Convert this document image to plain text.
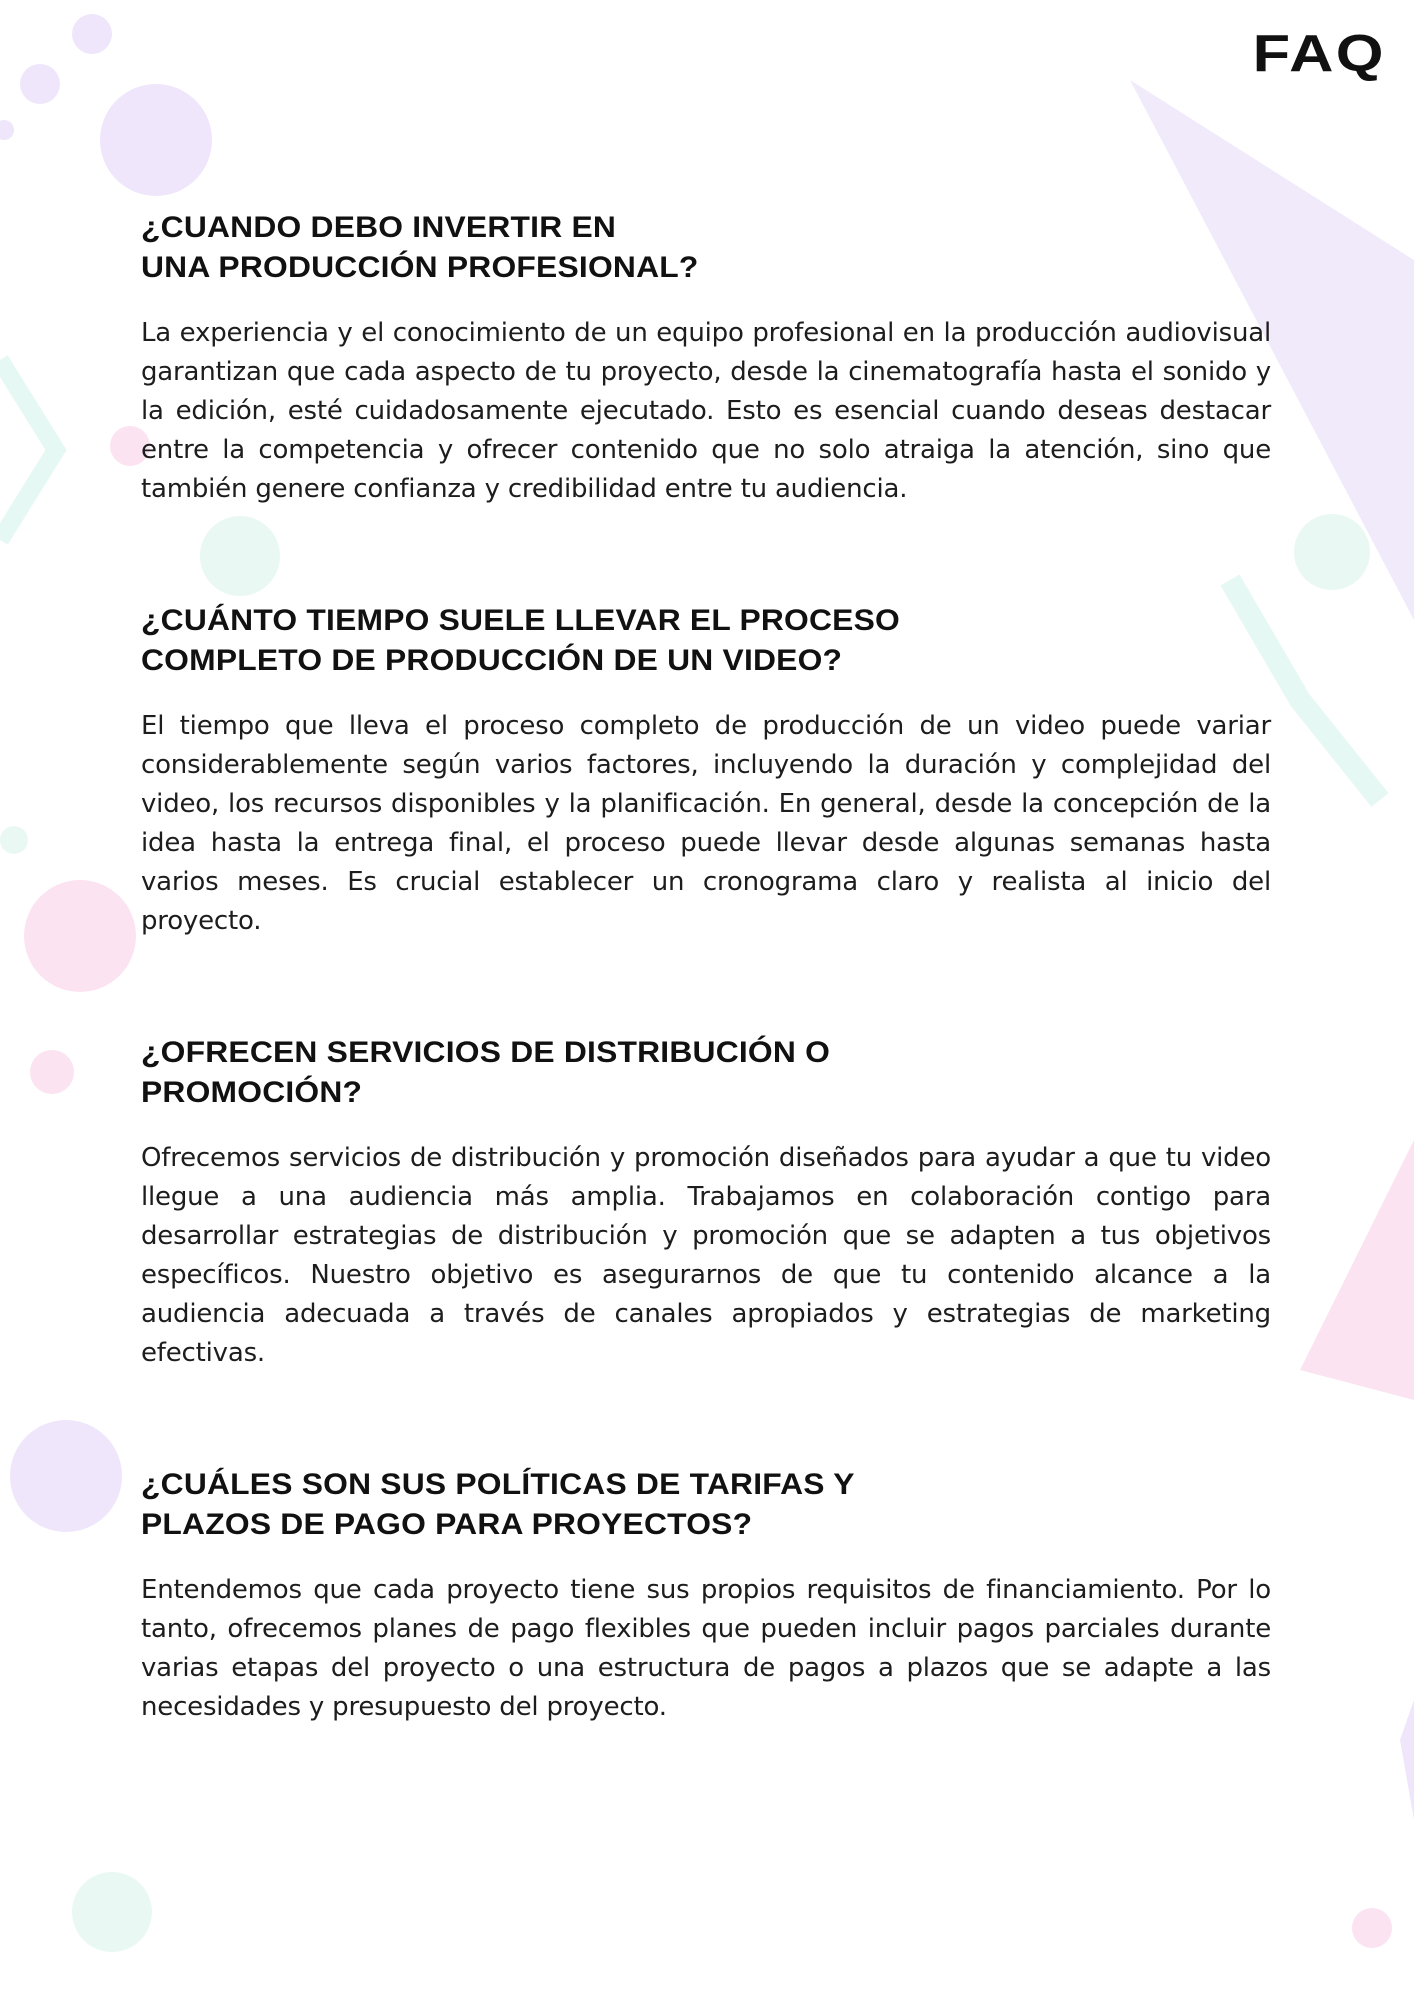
FAQ
¿CUANDO DEBO INVERTIR EN
UNA PRODUCCIÓN PROFESIONAL?

La experiencia y el conocimiento de un equipo profesional en la producción audiovisual garantizan que cada aspecto de tu proyecto, desde la cinematografía hasta el sonido y la edición, esté cuidadosamente ejecutado. Esto es esencial cuando deseas destacar entre la competencia y ofrecer contenido que no solo atraiga la atención, sino que también genere confianza y credibilidad entre tu audiencia.

¿CUÁNTO TIEMPO SUELE LLEVAR EL PROCESO
COMPLETO DE PRODUCCIÓN DE UN VIDEO?

El tiempo que lleva el proceso completo de producción de un video puede variar considerablemente según varios factores, incluyendo la duración y complejidad del video, los recursos disponibles y la planificación. En general, desde la concepción de la idea hasta la entrega final, el proceso puede llevar desde algunas semanas hasta varios meses. Es crucial establecer un cronograma claro y realista al inicio del proyecto.

¿OFRECEN SERVICIOS DE DISTRIBUCIÓN O
PROMOCIÓN?

Ofrecemos servicios de distribución y promoción diseñados para ayudar a que tu video llegue a una audiencia más amplia. Trabajamos en colaboración contigo para desarrollar estrategias de distribución y promoción que se adapten a tus objetivos específicos. Nuestro objetivo es asegurarnos de que tu contenido alcance a la audiencia adecuada a través de canales apropiados y estrategias de marketing efectivas.

¿CUÁLES SON SUS POLÍTICAS DE TARIFAS Y
PLAZOS DE PAGO PARA PROYECTOS?

Entendemos que cada proyecto tiene sus propios requisitos de financiamiento. Por lo tanto, ofrecemos planes de pago flexibles que pueden incluir pagos parciales durante varias etapas del proyecto o una estructura de pagos a plazos que se adapte a las necesidades y presupuesto del proyecto.
